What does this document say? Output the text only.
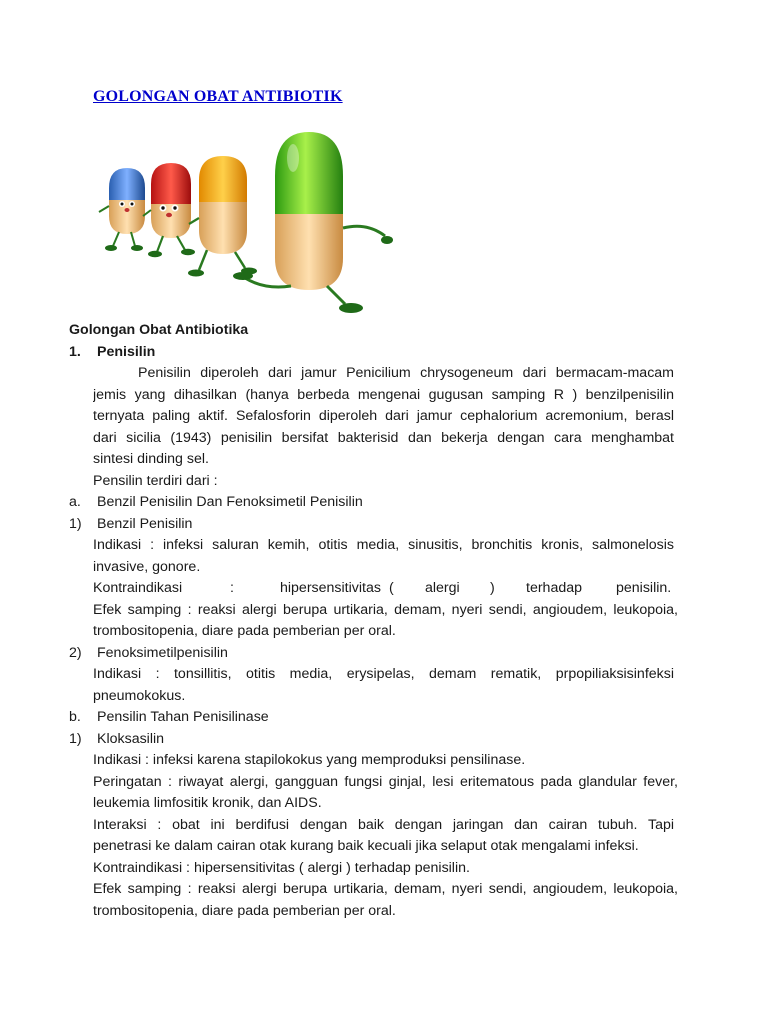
GOLONGAN OBAT ANTIBIOTIK
Golongan Obat Antibiotika
1. Penisilin
Penisilin diperoleh dari jamur Penicilium chrysogeneum dari bermacam-macam
jemis yang dihasilkan (hanya berbeda mengenai gugusan samping R ) benzilpenisilin
ternyata paling aktif. Sefalosforin diperoleh dari jamur cephalorium acremonium, berasl
dari sicilia (1943) penisilin bersifat bakterisid dan bekerja dengan cara menghambat
sintesi dinding sel.
Pensilin terdiri dari :
a. Benzil Penisilin Dan Fenoksimetil Penisilin
1) Benzil Penisilin
Indikasi : infeksi saluran kemih, otitis media, sinusitis, bronchitis kronis, salmonelosis
invasive, gonore.
Kontraindikasi	:	hipersensitivitas ( alergi ) terhadap penisilin.
Efek samping : reaksi alergi berupa urtikaria, demam, nyeri sendi, angioudem, leukopoia,
trombositopenia, diare pada pemberian per oral.
2) Fenoksimetilpenisilin
Indikasi : tonsillitis, otitis media, erysipelas, demam rematik, prpopiliaksisinfeksi
pneumokokus.
b. Pensilin Tahan Penisilinase
1) Kloksasilin
Indikasi : infeksi karena stapilokokus yang memproduksi pensilinase.
Peringatan : riwayat alergi, gangguan fungsi ginjal, lesi eritematous pada glandular fever,
leukemia limfositik kronik, dan AIDS.
Interaksi : obat ini berdifusi dengan baik dengan jaringan dan cairan tubuh. Tapi
penetrasi ke dalam cairan otak kurang baik kecuali jika selaput otak mengalami infeksi.
Kontraindikasi : hipersensitivitas ( alergi ) terhadap penisilin.
Efek samping : reaksi alergi berupa urtikaria, demam, nyeri sendi, angioudem, leukopoia,
trombositopenia, diare pada pemberian per oral.
